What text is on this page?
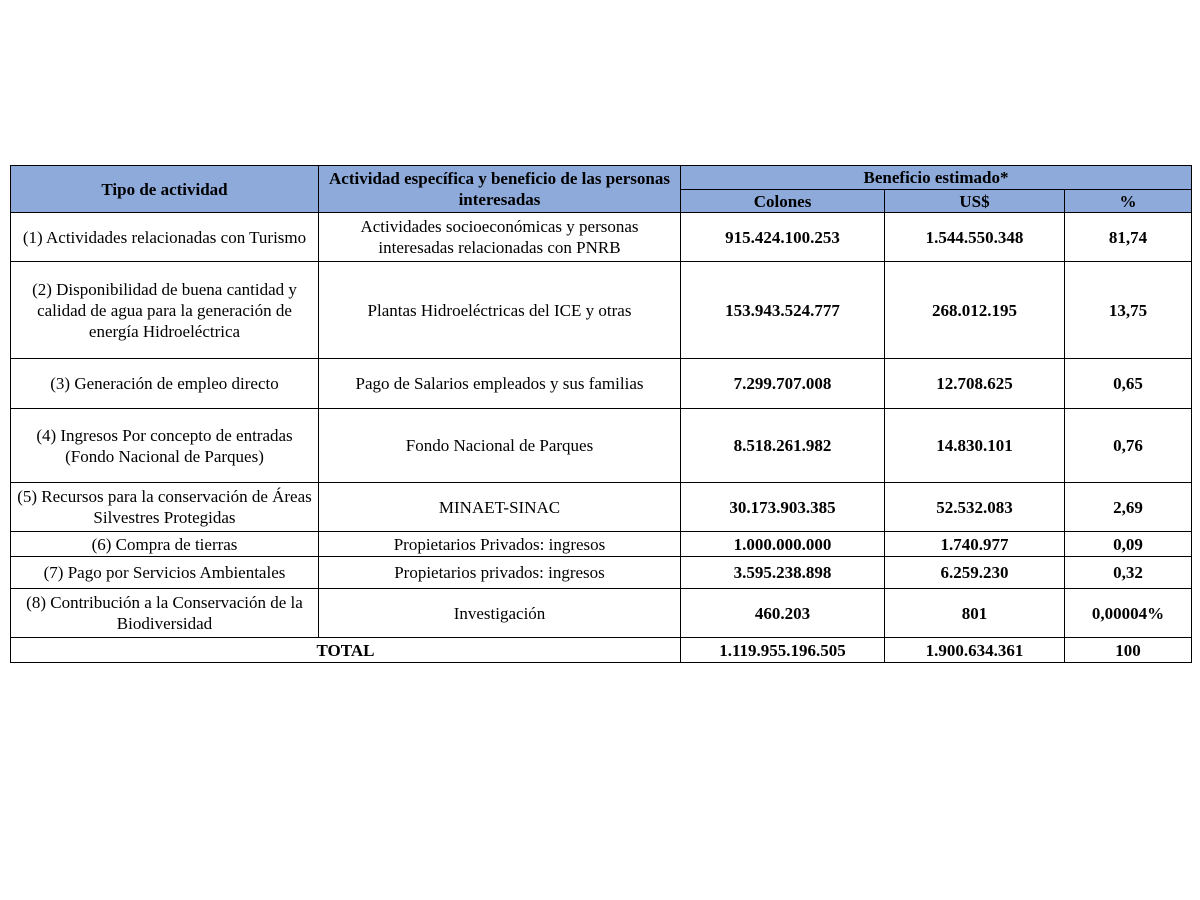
Tipo de actividad	Actividad específica y beneficio de las personas interesadas	Beneficio estimado*		
		Colones	US$	%
(1) Actividades relacionadas con Turismo	Actividades socioeconómicas y personas interesadas relacionadas con PNRB	915.424.100.253	1.544.550.348	81,74
(2) Disponibilidad de buena cantidad y calidad de agua para la generación de energía Hidroeléctrica	Plantas Hidroeléctricas del ICE y otras	153.943.524.777	268.012.195	13,75
(3) Generación de empleo directo	Pago de Salarios empleados y sus familias	7.299.707.008	12.708.625	0,65
(4) Ingresos Por concepto de entradas (Fondo Nacional de Parques)	Fondo Nacional de Parques	8.518.261.982	14.830.101	0,76
(5) Recursos para la conservación de Áreas Silvestres Protegidas	MINAET-SINAC	30.173.903.385	52.532.083	2,69
(6) Compra de tierras	Propietarios Privados: ingresos	1.000.000.000	1.740.977	0,09
(7) Pago por Servicios Ambientales	Propietarios privados: ingresos	3.595.238.898	6.259.230	0,32
(8) Contribución a la Conservación de la Biodiversidad	Investigación	460.203	801	0,00004%
TOTAL		1.119.955.196.505	1.900.634.361	100
